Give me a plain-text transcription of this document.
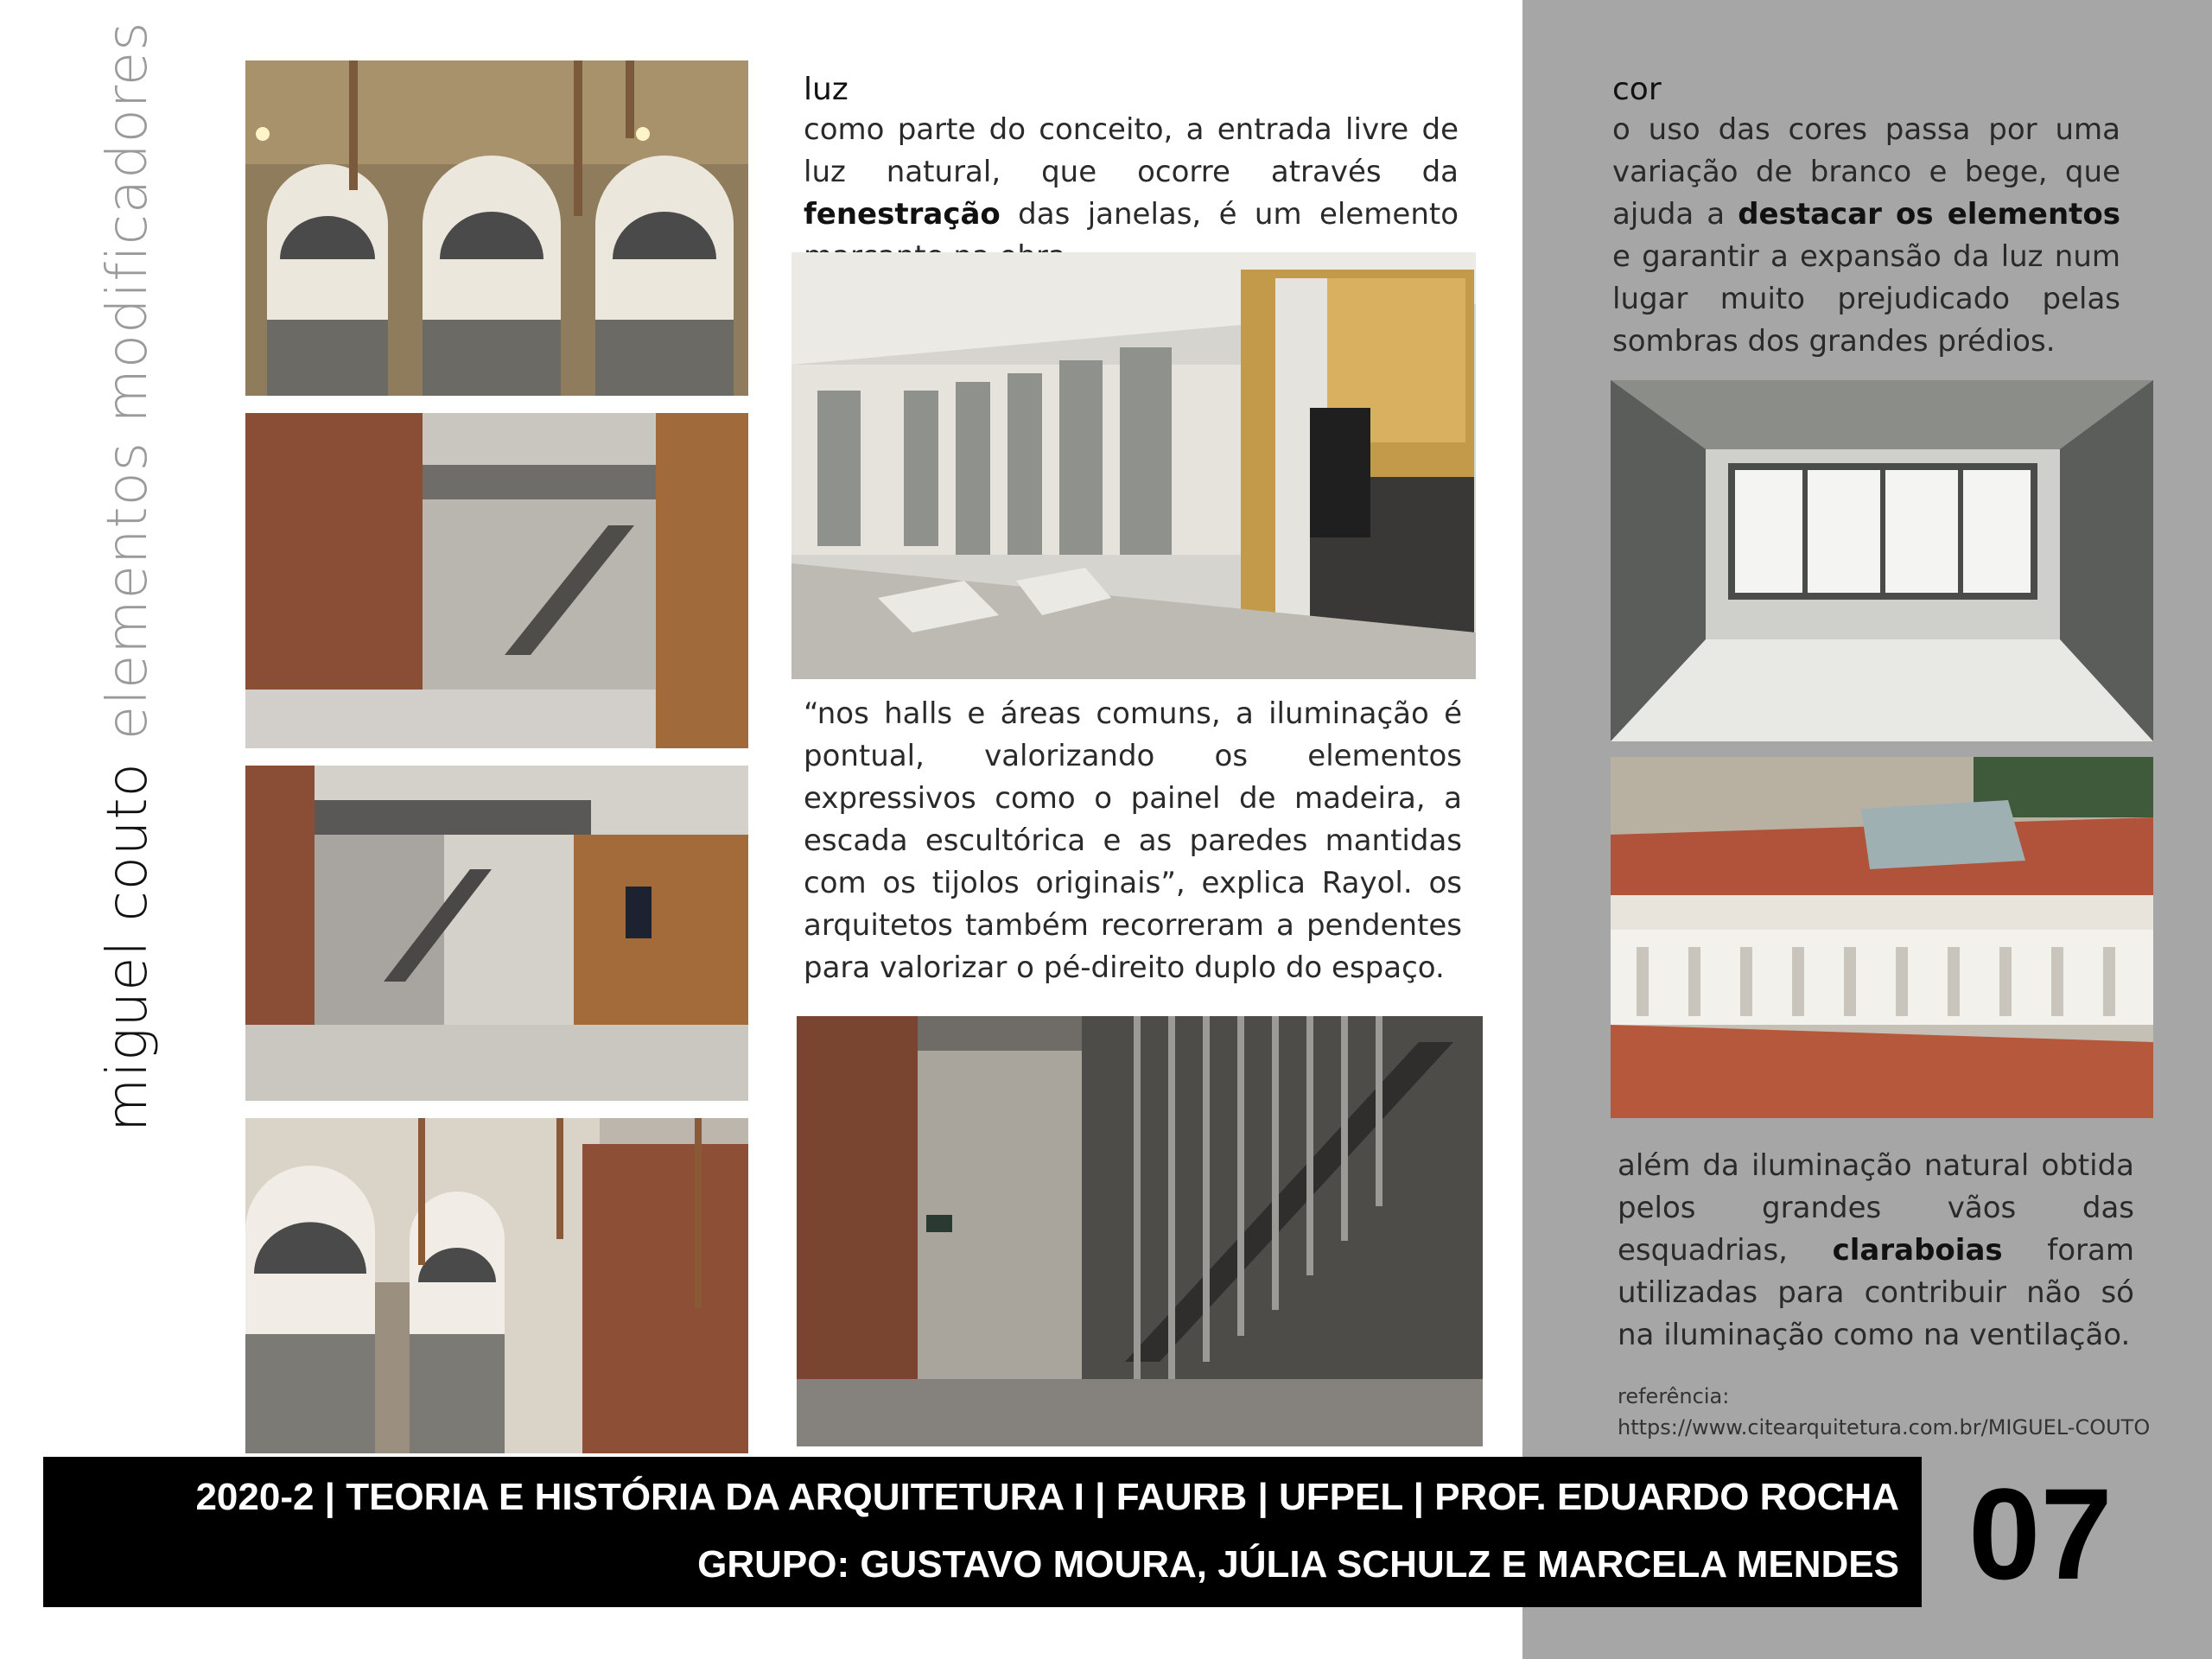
miguel coutoelementos modificadores	luz
como parte do conceito, a entrada livre de luz natural, que ocorre através da fenestração das janelas, é um elemento
“nos halls e áreas comuns, a iluminação é pontual, valorizando os elementos expressivos como o painel de madeira, a escada escultórica e as paredes mantidas com os tijolos originais”, explica Rayol. os arquitetos também recorreram a pendentes para valorizar o pé-direito duplo do espaço.
cor
o uso das cores passa por uma variação de branco e bege, que ajuda a destacar os elementos e garantir a expansão da luz num lugar muito prejudicado pelas sombras dos grandes prédios.
além da iluminação natural obtida pelos grandes vãos das esquadrias, claraboias foram utilizadas para contribuir não só na iluminação como na ventilação.
referência:
https://www.citearquitetura.com.br/MIGUEL-COUTO
2020-2 | TEORIA E HISTÓRIA DA ARQUITETURA I | FAURB | UFPEL | PROF. EDUARDO ROCHA
GRUPO: GUSTAVO MOURA, JÚLIA SCHULZ E MARCELA MENDES 07
